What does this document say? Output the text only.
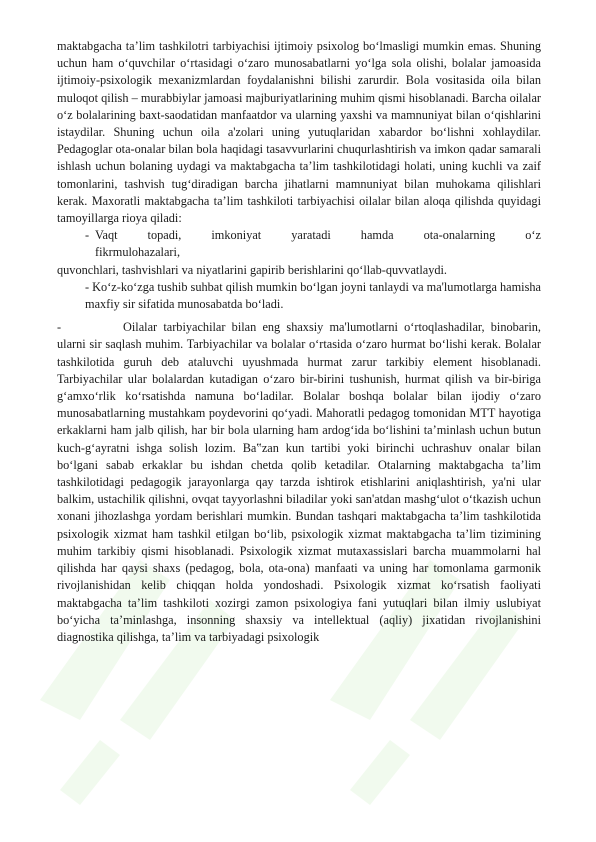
maktabgacha ta’lim tashkilotri tarbiyachisi ijtimoiy psixolog bo‘lmasligi mumkin emas. Shuning uchun ham o‘quvchilar o‘rtasidagi o‘zaro munosabatlarni yo‘lga sola olishi, bolalar jamoasida ijtimoiy-psixologik mexanizmlardan foydalanishni bilishi zarurdir. Bola vositasida oila bilan muloqot qilish – murabbiylar jamoasi majburiyatlarining muhim qismi hisoblanadi. Barcha oilalar o‘z bolalarining baxt-saodatidan manfaatdor va ularning yaxshi va mamnuniyat bilan o‘qishlarini istaydilar. Shuning uchun oila a'zolari uning yutuqlaridan xabardor bo‘lishni xohlaydilar. Pedagoglar ota-onalar bilan bola haqidagi tasavvurlarini chuqurlashtirish va imkon qadar samarali ishlash uchun bolaning uydagi va maktabgacha ta’lim tashkilotidagi holati, uning kuchli va zaif tomonlarini, tashvish tug‘diradigan barcha jihatlarni mamnuniyat bilan muhokama qilishlari kerak. Maxoratli maktabgacha ta’lim tashkiloti tarbiyachisi oilalar bilan aloqa qilishda quyidagi tamoyillarga rioya qiladi:

- Vaqt topadi, imkoniyat yaratadi hamda ota-onalarning o‘z
fikrmulohazalari,

quvonchlari, tashvishlari va niyatlarini gapirib berishlarini qo‘llab-quvvatlaydi.

- Ko‘z-ko‘zga tushib suhbat qilish mumkin bo‘lgan joyni tanlaydi va ma'lumotlarga hamisha maxfiy sir sifatida munosabatda bo‘ladi.

-	Oilalar tarbiyachilar bilan eng shaxsiy ma'lumotlarni o‘rtoqlashadilar, binobarin, ularni sir saqlash muhim. Tarbiyachilar va bolalar o‘rtasida o‘zaro hurmat bo‘lishi kerak. Bolalar tashkilotida guruh deb ataluvchi uyushmada hurmat zarur tarkibiy element hisoblanadi. Tarbiyachilar ular bolalardan kutadigan o‘zaro bir-birini tushunish, hurmat qilish va bir-biriga g‘amxo‘rlik ko‘rsatishda namuna bo‘ladilar. Bolalar boshqa bolalar bilan ijodiy o‘zaro munosabatlarning mustahkam poydevorini qo‘yadi. Mahoratli pedagog tomonidan MTT hayotiga erkaklarni ham jalb qilish, har bir bola ularning ham ardog‘ida bo‘lishini ta’minlash uchun butun kuch-g‘ayratni ishga solish lozim. Ba‟zan kun tartibi yoki birinchi uchrashuv onalar bilan bo‘lgani sabab erkaklar bu ishdan chetda qolib ketadilar. Otalarning maktabgacha ta’lim tashkilotidagi pedagogik jarayonlarga qay tarzda ishtirok etishlarini aniqlashtirish, ya'ni ular balkim, ustachilik qilishni, ovqat tayyorlashni biladilar yoki san'atdan mashg‘ulot o‘tkazish uchun xonani jihozlashga yordam berishlari mumkin. Bundan tashqari maktabgacha ta’lim tashkilotida psixologik xizmat ham tashkil etilgan bo‘lib, psixologik xizmat maktabgacha ta’lim tizimining muhim tarkibiy qismi hisoblanadi. Psixologik xizmat mutaxassislari barcha muammolarni hal qilishda har qaysi shaxs (pedagog, bola, ota-ona) manfaati va uning har tomonlama garmonik rivojlanishidan kelib chiqqan holda yondoshadi. Psixologik xizmat ko‘rsatish faoliyati maktabgacha ta’lim tashkiloti xozirgi zamon psixologiya fani yutuqlari bilan ilmiy uslubiyat bo‘yicha ta’minlashga, insonning shaxsiy va intellektual (aqliy) jixatidan rivojlanishini diagnostika qilishga, ta’lim va tarbiyadagi psixologik
